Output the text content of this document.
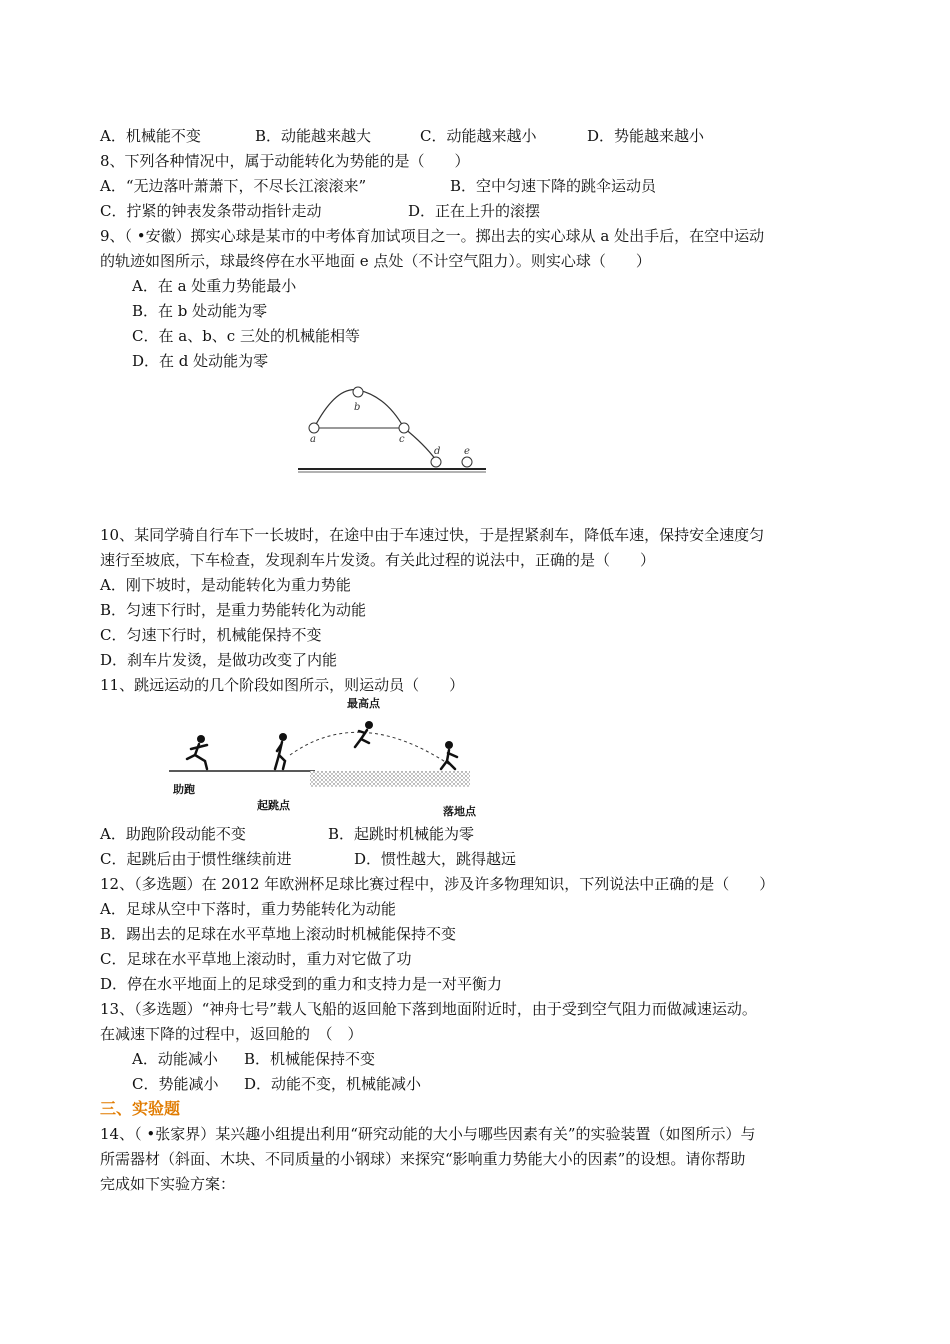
A．机械能不变	B．动能越来越大	C．动能越来越小	D．势能越来越小
8、下列各种情况中，属于动能转化为势能的是（　　）
A．“无边落叶萧萧下，不尽长江滚滚来”	B．空中匀速下降的跳伞运动员
C．拧紧的钟表发条带动指针走动	D．正在上升的滚摆
9、（ •安徽）掷实心球是某市的中考体育加试项目之一。掷出去的实心球从 a 处出手后，在空中运动
的轨迹如图所示，球最终停在水平地面 e 点处（不计空气阻力）。则实心球（　　）
A．在 a 处重力势能最小
B．在 b 处动能为零
C．在 a、b、c 三处的机械能相等
D．在 d 处动能为零
a
b
c
d e
10、某同学骑自行车下一长坡时，在途中由于车速过快，于是捏紧刹车，降低车速，保持安全速度匀
速行至坡底，下车检查，发现刹车片发烫。有关此过程的说法中，正确的是（　　）
A．刚下坡时，是动能转化为重力势能
B．匀速下行时，是重力势能转化为动能
C．匀速下行时，机械能保持不变
D．刹车片发烫，是做功改变了内能
11、跳远运动的几个阶段如图所示，则运动员（　　）
最高点
助跑
起跳点	落地点
A．助跑阶段动能不变	B．起跳时机械能为零
C．起跳后由于惯性继续前进	D．惯性越大，跳得越远
12、（多选题）在 2012 年欧洲杯足球比赛过程中，涉及许多物理知识，下列说法中正确的是（　　）
A．足球从空中下落时，重力势能转化为动能
B．踢出去的足球在水平草地上滚动时机械能保持不变
C．足球在水平草地上滚动时，重力对它做了功
D．停在水平地面上的足球受到的重力和支持力是一对平衡力
13、（多选题）“神舟七号”载人飞船的返回舱下落到地面附近时，由于受到空气阻力而做减速运动。
在减速下降的过程中，返回舱的　（　）
A．动能减小 B．机械能保持不变
C．势能减小 D．动能不变，机械能减小
三、实验题
14、（ •张家界）某兴趣小组提出利用“研究动能的大小与哪些因素有关”的实验装置（如图所示）与
所需器材（斜面、木块、不同质量的小钢球）来探究“影响重力势能大小的因素”的设想。请你帮助
完成如下实验方案：
